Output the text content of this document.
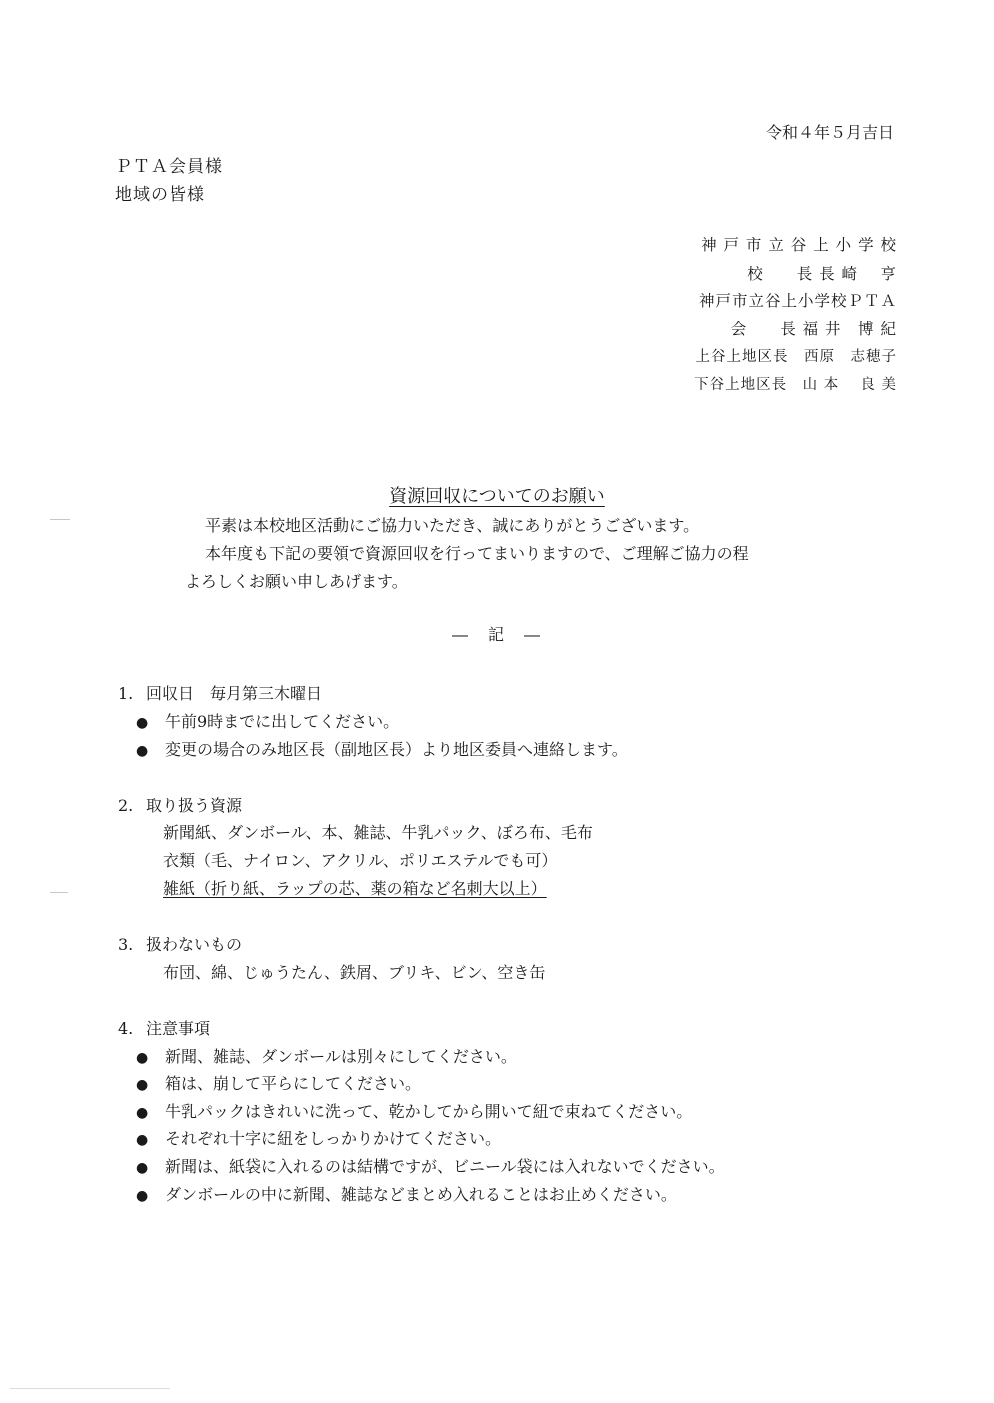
令和４年５月吉日
ＰＴＡ会員様
地域の皆様
神 戸 市 立 谷 上 小 学 校
校　　長 長 崎　 亨
神戸市立谷上小学校ＰＴＡ
会　　長 福 井　博 紀
上谷上地区長　西原　志穂子
下谷上地区長　山 本　 良 美
資源回収についてのお願い
平素は本校地区活動にご協力いただき、誠にありがとうございます。
本年度も下記の要領で資源回収を行ってまいりますので、ご理解ご協力の程
よろしくお願い申しあげます。
―　記　―
1. 回収日　毎月第三木曜日
● 午前9時までに出してください。
● 変更の場合のみ地区長（副地区長）より地区委員へ連絡します。
2. 取り扱う資源
新聞紙、ダンボール、本、雑誌、牛乳パック、ぼろ布、毛布
衣類（毛、ナイロン、アクリル、ポリエステルでも可）
雑紙（折り紙、ラップの芯、薬の箱など名刺大以上）
3. 扱わないもの
布団、綿、じゅうたん、鉄屑、ブリキ、ビン、空き缶
4. 注意事項
● 新聞、雑誌、ダンボールは別々にしてください。
● 箱は、崩して平らにしてください。
● 牛乳パックはきれいに洗って、乾かしてから開いて紐で束ねてください。
● それぞれ十字に紐をしっかりかけてください。
● 新聞は、紙袋に入れるのは結構ですが、ビニール袋には入れないでください。
● ダンボールの中に新聞、雑誌などまとめ入れることはお止めください。
